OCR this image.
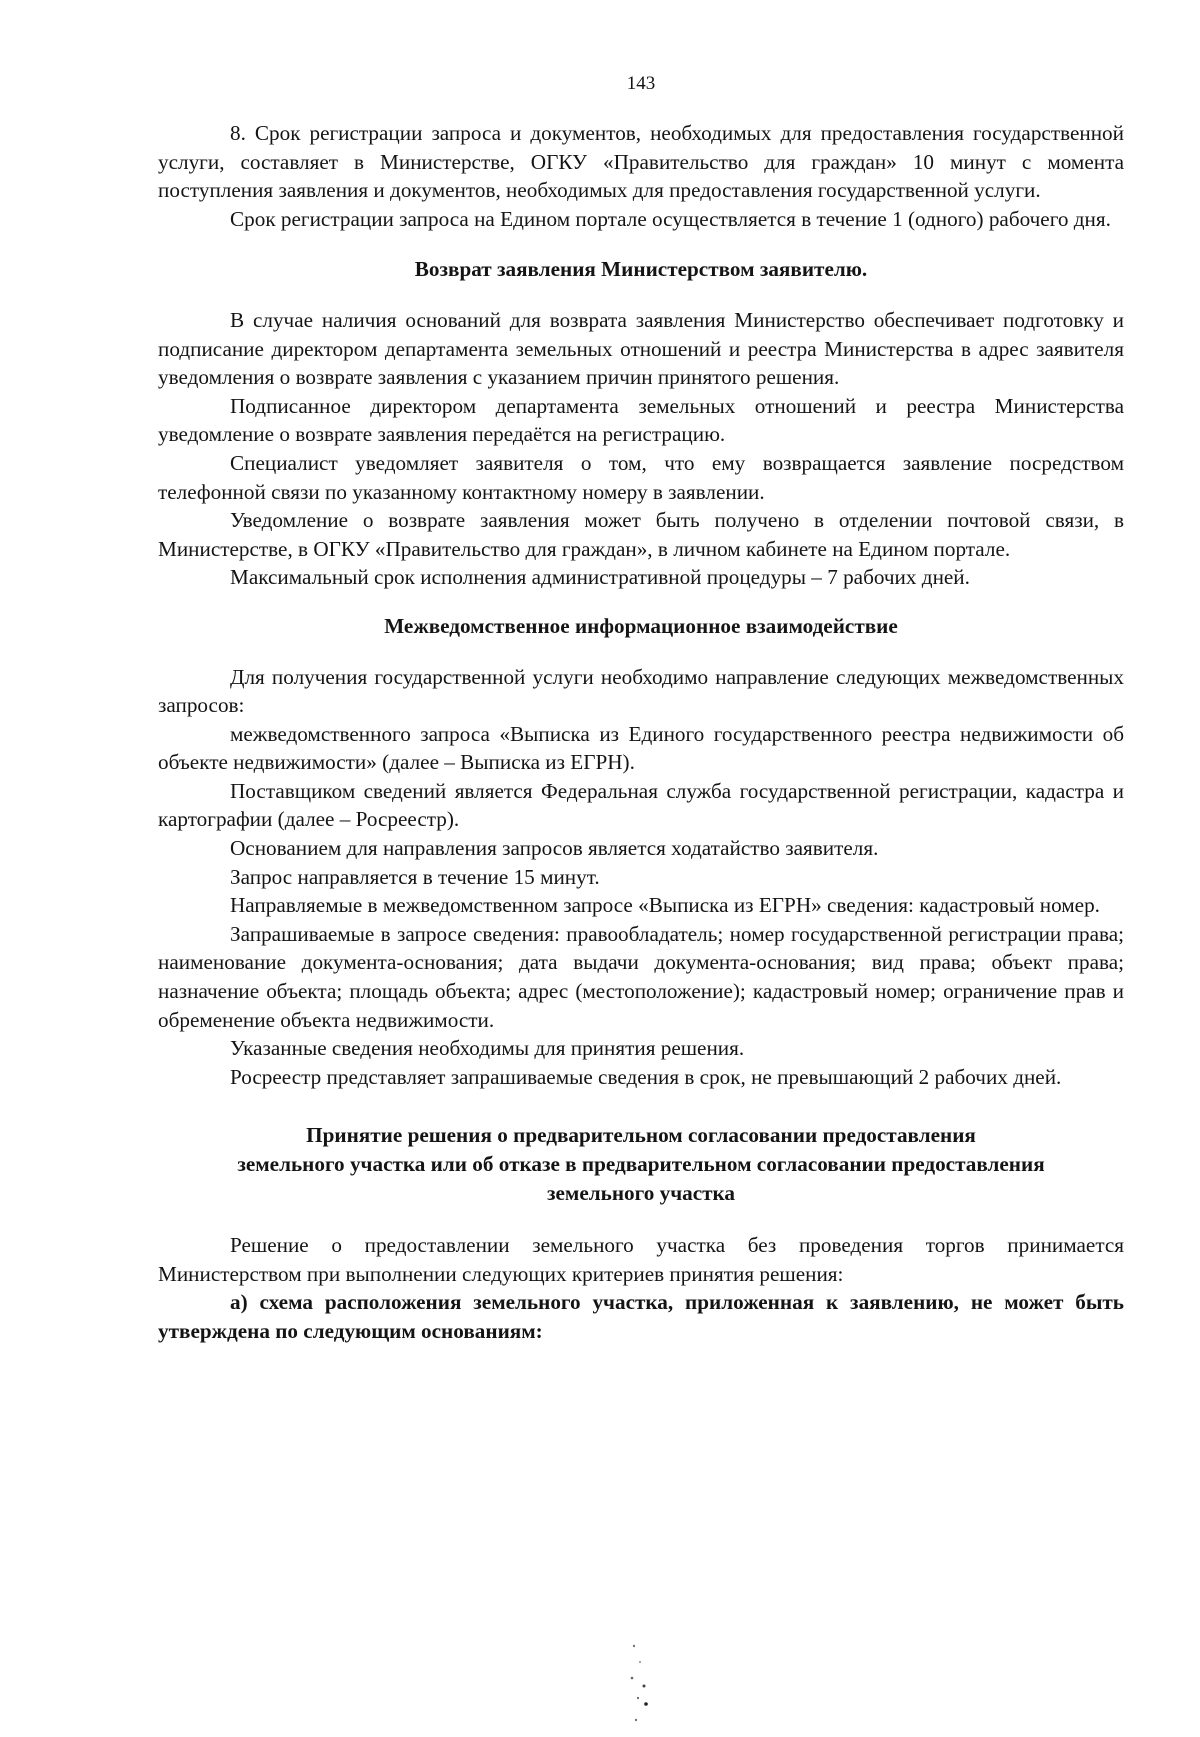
143

8. Срок регистрации запроса и документов, необходимых для предоставления государственной услуги, составляет в Министерстве, ОГКУ «Правительство для граждан» 10 минут с момента поступления заявления и документов, необходимых для предоставления государственной услуги.

Срок регистрации запроса на Едином портале осуществляется в течение 1 (одного) рабочего дня.

Возврат заявления Министерством заявителю.

В случае наличия оснований для возврата заявления Министерство обеспечивает подготовку и подписание директором департамента земельных отношений и реестра Министерства в адрес заявителя уведомления о возврате заявления с указанием причин принятого решения.

Подписанное директором департамента земельных отношений и реестра Министерства уведомление о возврате заявления передаётся на регистрацию.

Специалист уведомляет заявителя о том, что ему возвращается заявление посредством телефонной связи по указанному контактному номеру в заявлении.

Уведомление о возврате заявления может быть получено в отделении почтовой связи, в Министерстве, в ОГКУ «Правительство для граждан», в личном кабинете на Едином портале.

Максимальный срок исполнения административной процедуры – 7 рабочих дней.

Межведомственное информационное взаимодействие

Для получения государственной услуги необходимо направление следующих межведомственных запросов:

межведомственного запроса «Выписка из Единого государственного реестра недвижимости об объекте недвижимости» (далее – Выписка из ЕГРН).

Поставщиком сведений является Федеральная служба государственной регистрации, кадастра и картографии (далее – Росреестр).

Основанием для направления запросов является ходатайство заявителя.

Запрос направляется в течение 15 минут.

Направляемые в межведомственном запросе «Выписка из ЕГРН» сведения: кадастровый номер.

Запрашиваемые в запросе сведения: правообладатель; номер государственной регистрации права; наименование документа-основания; дата выдачи документа-основания; вид права; объект права; назначение объекта; площадь объекта; адрес (местоположение); кадастровый номер; ограничение прав и обременение объекта недвижимости.

Указанные сведения необходимы для принятия решения.

Росреестр представляет запрашиваемые сведения в срок, не превышающий 2 рабочих дней.

Принятие решения о предварительном согласовании предоставления
земельного участка или об отказе в предварительном согласовании предоставления
земельного участка

Решение о предоставлении земельного участка без проведения торгов принимается Министерством при выполнении следующих критериев принятия решения:

а) схема расположения земельного участка, приложенная к заявлению, не может быть утверждена по следующим основаниям:
